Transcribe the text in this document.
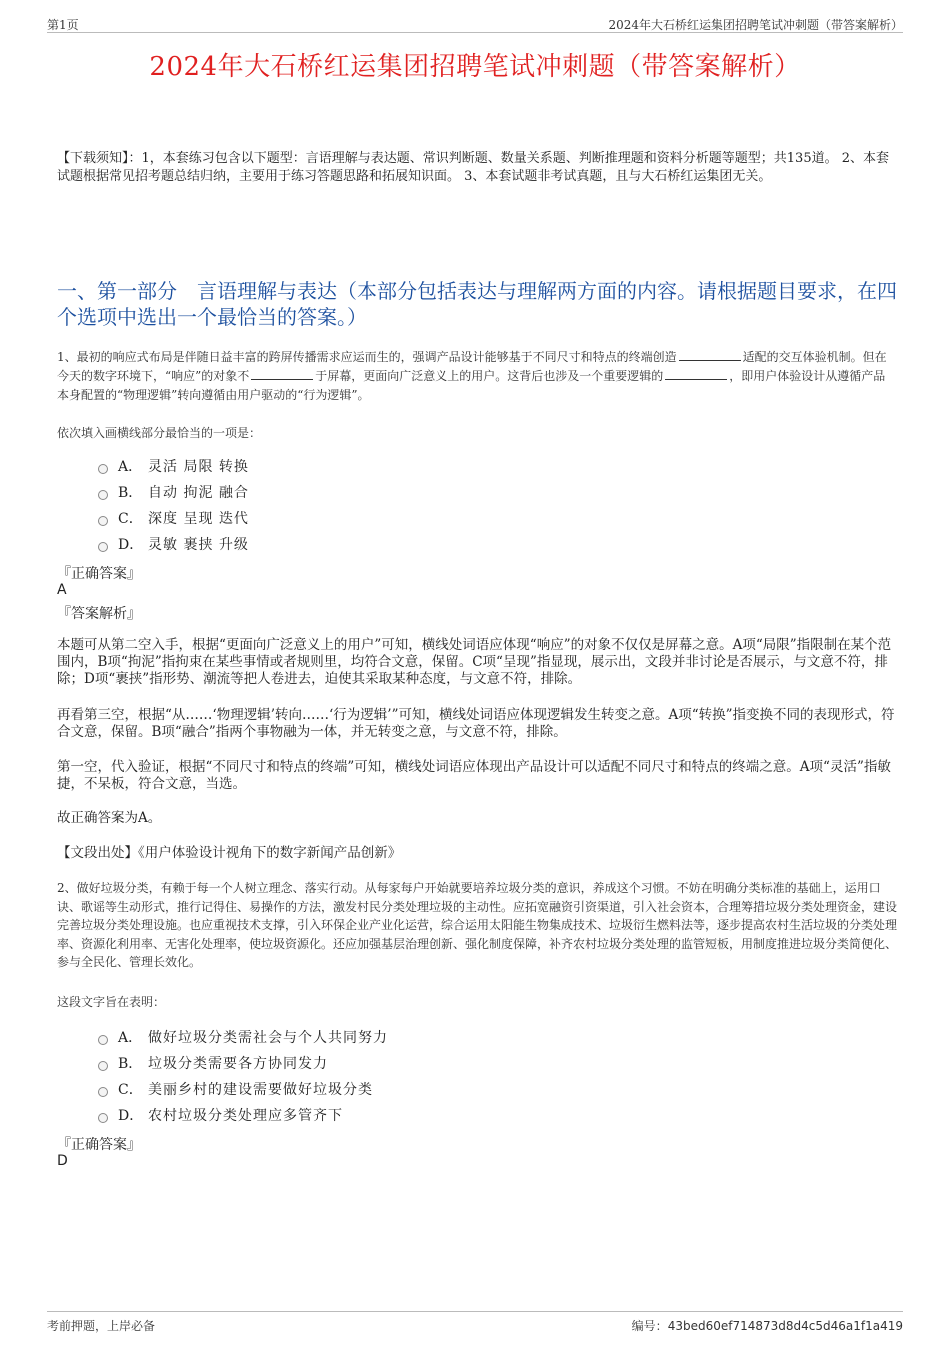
第1页	2024年大石桥红运集团招聘笔试冲刺题（带答案解析）
2024年大石桥红运集团招聘笔试冲刺题（带答案解析）
【下载须知】：1，本套练习包含以下题型：言语理解与表达题、常识判断题、数量关系题、判断推理题和资料分析题等题型；共135道。 2、本套试题根据常见招考题总结归纳，主要用于练习答题思路和拓展知识面。 3、本套试题非考试真题，且与大石桥红运集团无关。
一、第一部分　言语理解与表达（本部分包括表达与理解两方面的内容。请根据题目要求，在四个选项中选出一个最恰当的答案。）
1、最初的响应式布局是伴随日益丰富的跨屏传播需求应运而生的，强调产品设计能够基于不同尺寸和特点的终端创造	适配的交互体验机制。但在今天的数字环境下，“响应”的对象不	于屏幕，更面向广泛意义上的用户。这背后也涉及一个重要逻辑的	，即用户体验设计从遵循产品本身配置的“物理逻辑”转向遵循由用户驱动的“行为逻辑”。
依次填入画横线部分最恰当的一项是：
A． 灵活 局限 转换
B． 自动 拘泥 融合
C． 深度 呈现 迭代
D． 灵敏 裹挟 升级
『正确答案』
A
『答案解析』
本题可从第二空入手，根据“更面向广泛意义上的用户”可知，横线处词语应体现“响应”的对象不仅仅是屏幕之意。A项“局限”指限制在某个范围内，B项“拘泥”指拘束在某些事情或者规则里，均符合文意，保留。C项“呈现”指显现，展示出，文段并非讨论是否展示，与文意不符，排除；D项“裹挟”指形势、潮流等把人卷进去，迫使其采取某种态度，与文意不符，排除。
再看第三空，根据“从……‘物理逻辑’转向……‘行为逻辑’”可知，横线处词语应体现逻辑发生转变之意。A项“转换”指变换不同的表现形式，符合文意，保留。B项“融合”指两个事物融为一体，并无转变之意，与文意不符，排除。
第一空，代入验证，根据“不同尺寸和特点的终端”可知，横线处词语应体现出产品设计可以适配不同尺寸和特点的终端之意。A项“灵活”指敏捷，不呆板，符合文意，当选。
故正确答案为A。
【文段出处】《用户体验设计视角下的数字新闻产品创新》
2、做好垃圾分类，有赖于每一个人树立理念、落实行动。从每家每户开始就要培养垃圾分类的意识，养成这个习惯。不妨在明确分类标准的基础上，运用口诀、歌谣等生动形式，推行记得住、易操作的方法，激发村民分类处理垃圾的主动性。应拓宽融资引资渠道，引入社会资本，合理筹措垃圾分类处理资金，建设完善垃圾分类处理设施。也应重视技术支撑，引入环保企业产业化运营，综合运用太阳能生物集成技术、垃圾衍生燃料法等，逐步提高农村生活垃圾的分类处理率、资源化利用率、无害化处理率，使垃圾资源化。还应加强基层治理创新、强化制度保障，补齐农村垃圾分类处理的监管短板，用制度推进垃圾分类简便化、参与全民化、管理长效化。
这段文字旨在表明：
A． 做好垃圾分类需社会与个人共同努力
B． 垃圾分类需要各方协同发力
C． 美丽乡村的建设需要做好垃圾分类
D． 农村垃圾分类处理应多管齐下
『正确答案』
D
考前押题，上岸必备	编号：43bed60ef714873d8d4c5d46a1f1a419
